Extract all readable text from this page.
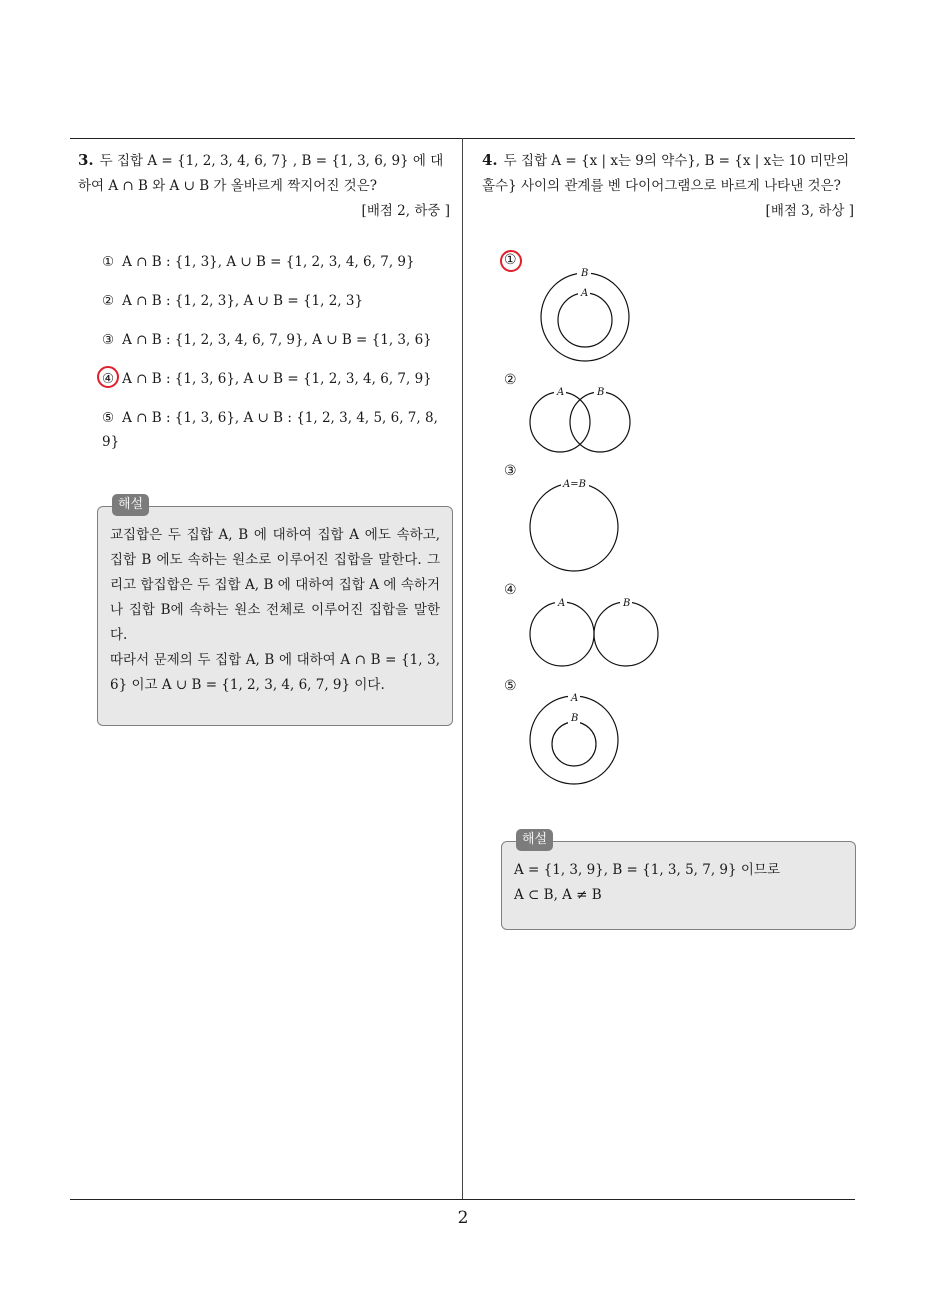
2
3. 두 집합 A = {1, 2, 3, 4, 6, 7} , B = {1, 3, 6, 9} 에 대하여 A ∩ B 와 A ∪ B 가 올바르게 짝지어진 것은?
[배점 2, 하중 ]
① A ∩ B : {1, 3}, A ∪ B = {1, 2, 3, 4, 6, 7, 9}
② A ∩ B : {1, 2, 3}, A ∪ B = {1, 2, 3}
③ A ∩ B : {1, 2, 3, 4, 6, 7, 9}, A ∪ B = {1, 3, 6}
④ A ∩ B : {1, 3, 6}, A ∪ B = {1, 2, 3, 4, 6, 7, 9}
⑤ A ∩ B : {1, 3, 6}, A ∪ B : {1, 2, 3, 4, 5, 6, 7, 8, 9}
해설
교집합은 두 집합 A, B 에 대하여 집합 A 에도 속하고, 집합 B 에도 속하는 원소로 이루어진 집합을 말한다. 그리고 합집합은 두 집합 A, B 에 대하여 집합 A 에 속하거나 집합 B에 속하는 원소 전체로 이루어진 집합을 말한다.
따라서 문제의 두 집합 A, B 에 대하여 A ∩ B = {1, 3, 6} 이고 A ∪ B = {1, 2, 3, 4, 6, 7, 9} 이다.
4. 두 집합 A = {x | x는 9의 약수}, B = {x | x는 10 미만의 홀수} 사이의 관계를 벤 다이어그램으로 바르게 나타낸 것은?
[배점 3, 하상 ]
①
B
A
②
A	B
③
A=B
④
A	B
⑤
A
B
해설
A = {1, 3, 9}, B = {1, 3, 5, 7, 9} 이므로
A ⊂ B, A ≠ B
